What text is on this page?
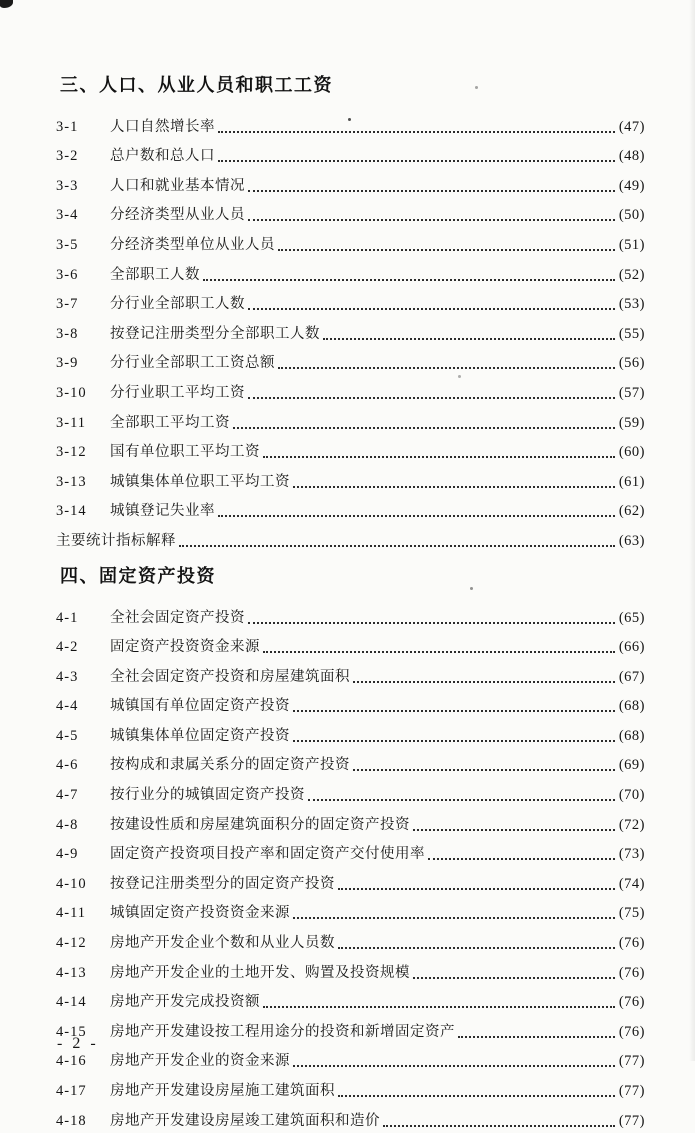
三、人口、从业人员和职工工资
3-1	人口自然增长率	(47)
3-2	总户数和总人口	(48)
3-3	人口和就业基本情况	(49)
3-4	分经济类型从业人员	(50)
3-5	分经济类型单位从业人员	(51)
3-6	全部职工人数	(52)
3-7	分行业全部职工人数	(53)
3-8	按登记注册类型分全部职工人数	(55)
3-9	分行业全部职工工资总额	(56)
3-10	分行业职工平均工资	(57)
3-11	全部职工平均工资	(59)
3-12	国有单位职工平均工资	(60)
3-13	城镇集体单位职工平均工资	(61)
3-14	城镇登记失业率	(62)
主要统计指标解释	(63)
四、固定资产投资
4-1	全社会固定资产投资	(65)
4-2	固定资产投资资金来源	(66)
4-3	全社会固定资产投资和房屋建筑面积	(67)
4-4	城镇国有单位固定资产投资	(68)
4-5	城镇集体单位固定资产投资	(68)
4-6	按构成和隶属关系分的固定资产投资	(69)
4-7	按行业分的城镇固定资产投资	(70)
4-8	按建设性质和房屋建筑面积分的固定资产投资	(72)
4-9	固定资产投资项目投产率和固定资产交付使用率	(73)
4-10	按登记注册类型分的固定资产投资	(74)
4-11	城镇固定资产投资资金来源	(75)
4-12	房地产开发企业个数和从业人员数	(76)
4-13	房地产开发企业的土地开发、购置及投资规模	(76)
4-14	房地产开发完成投资额	(76)
4-15	房地产开发建设按工程用途分的投资和新增固定资产	(76)
4-16	房地产开发企业的资金来源	(77)
4-17	房地产开发建设房屋施工建筑面积	(77)
4-18	房地产开发建设房屋竣工建筑面积和造价	(77)
- 2 -
